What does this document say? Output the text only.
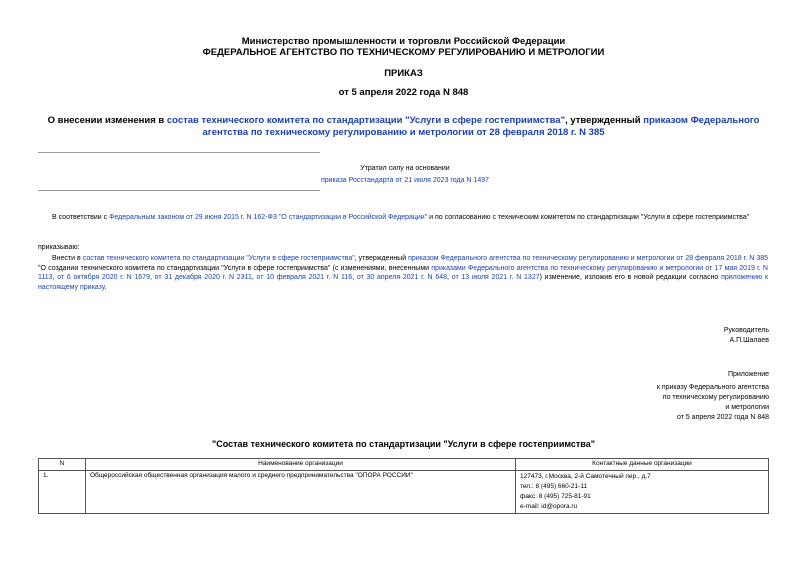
Министерство промышленности и торговли Российской Федерации
ФЕДЕРАЛЬНОЕ АГЕНТСТВО ПО ТЕХНИЧЕСКОМУ РЕГУЛИРОВАНИЮ И МЕТРОЛОГИИ
ПРИКАЗ
от 5 апреля 2022 года N 848
О внесении изменения в состав технического комитета по стандартизации "Услуги в сфере гостеприимства", утвержденный приказом Федерального агентства по техническому регулированию и метрологии от 28 февраля 2018 г. N 385
Утратил силу на основании
приказа Росстандарта от 21 июля 2023 года N 1497
В соответствии с Федеральным законом от 29 июня 2015 г. N 162-ФЗ "О стандартизации в Российской Федерации" и по согласованию с техническим комитетом по стандартизации "Услуги в сфере гостеприимства"
приказываю:
Внести в состав технического комитета по стандартизации "Услуги в сфере гостеприимства", утвержденный приказом Федерального агентства по техническому регулированию и метрологии от 28 февраля 2018 г. N 385 "О создании технического комитета по стандартизации "Услуги в сфере гостеприимства" (с изменениями, внесенными приказами Федерального агентства по техническому регулированию и метрологии от 17 мая 2019 г. N 1113, от 6 октября 2020 г. N 1679, от 31 декабря 2020 г. N 2311, от 10 февраля 2021 г. N 116, от 30 апреля 2021 г. N 648, от 13 июля 2021 г. N 1327) изменение, изложив его в новой редакции согласно приложению к настоящему приказу.
Руководитель
А.П.Шалаев
Приложение
к приказу Федерального агентства
по техническому регулированию
и метрологии
от 5 апреля 2022 года N 848
"Состав технического комитета по стандартизации "Услуги в сфере гостеприимства"
N	Наименование организации	Контактные данные организации
1.	Общероссийская общественная организация малого и среднего предпринимательства "ОПОРА РОССИИ"	127473, г.Москва, 2-й Самотечный пер., д.7
тел.: 8 (495) 660-21-11
факс: 8 (495) 725-81-91
e-mail: id@opora.ru
